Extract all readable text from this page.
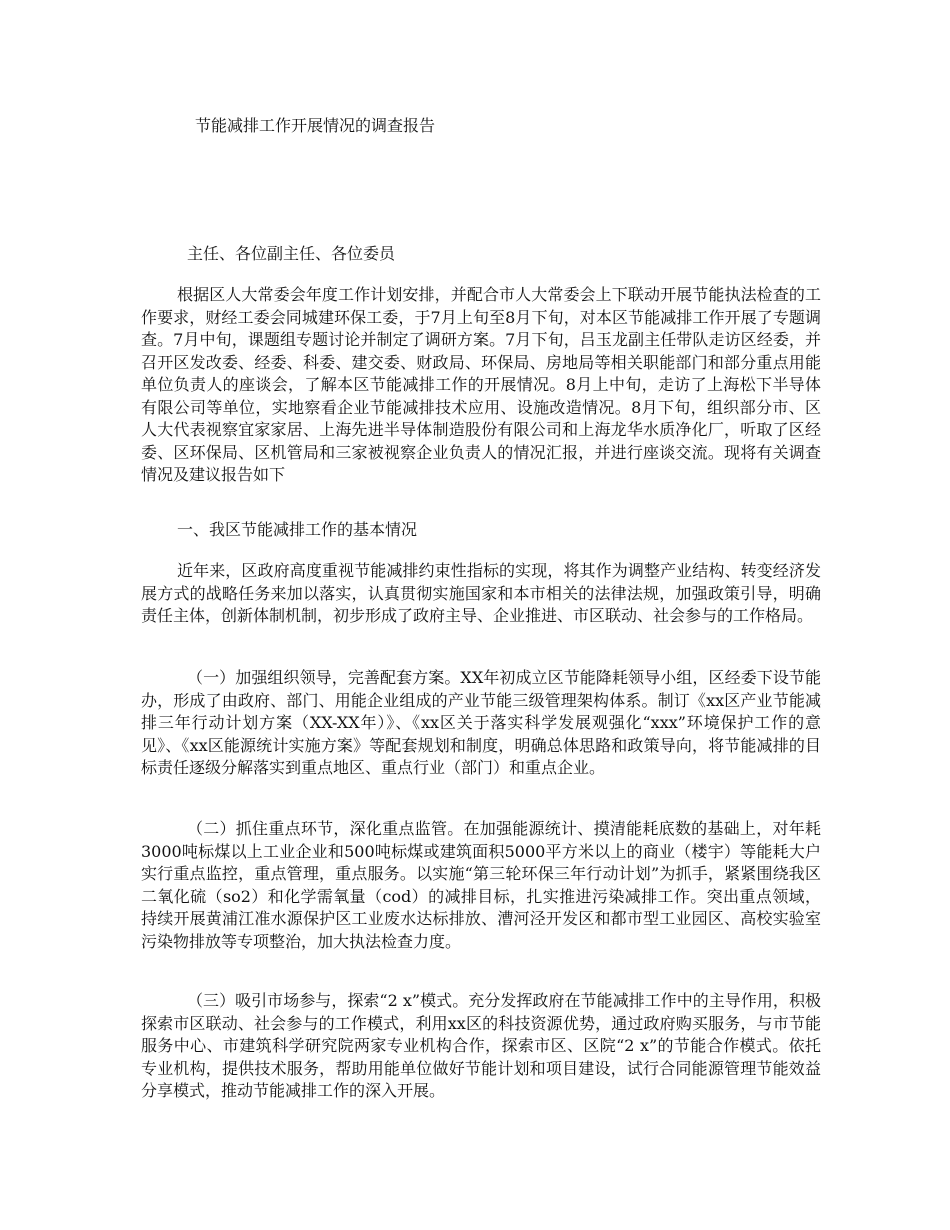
节能减排工作开展情况的调查报告
主任、各位副主任、各位委员

根据区人大常委会年度工作计划安排，并配合市人大常委会上下联动开展节能执法检查的工作要求，财经工委会同城建环保工委，于7月上旬至8月下旬，对本区节能减排工作开展了专题调查。7月中旬，课题组专题讨论并制定了调研方案。7月下旬，吕玉龙副主任带队走访区经委，并召开区发改委、经委、科委、建交委、财政局、环保局、房地局等相关职能部门和部分重点用能单位负责人的座谈会，了解本区节能减排工作的开展情况。8月上中旬，走访了上海松下半导体有限公司等单位，实地察看企业节能减排技术应用、设施改造情况。8月下旬，组织部分市、区人大代表视察宜家家居、上海先进半导体制造股份有限公司和上海龙华水质净化厂，听取了区经委、区环保局、区机管局和三家被视察企业负责人的情况汇报，并进行座谈交流。现将有关调查情况及建议报告如下

一、我区节能减排工作的基本情况

近年来，区政府高度重视节能减排约束性指标的实现，将其作为调整产业结构、转变经济发展方式的战略任务来加以落实，认真贯彻实施国家和本市相关的法律法规，加强政策引导，明确责任主体，创新体制机制，初步形成了政府主导、企业推进、市区联动、社会参与的工作格局。

（一）加强组织领导，完善配套方案。XX年初成立区节能降耗领导小组，区经委下设节能办，形成了由政府、部门、用能企业组成的产业节能三级管理架构体系。制订《xx区产业节能减排三年行动计划方案（XX-XX年）》、《xx区关于落实科学发展观强化“xxx”环境保护工作的意见》、《xx区能源统计实施方案》等配套规划和制度，明确总体思路和政策导向，将节能减排的目标责任逐级分解落实到重点地区、重点行业（部门）和重点企业。

（二）抓住重点环节，深化重点监管。在加强能源统计、摸清能耗底数的基础上，对年耗3000吨标煤以上工业企业和500吨标煤或建筑面积5000平方米以上的商业（楼宇）等能耗大户实行重点监控，重点管理，重点服务。以实施“第三轮环保三年行动计划”为抓手，紧紧围绕我区二氧化硫（so2）和化学需氧量（cod）的减排目标，扎实推进污染减排工作。突出重点领域，持续开展黄浦江准水源保护区工业废水达标排放、漕河泾开发区和都市型工业园区、高校实验室污染物排放等专项整治，加大执法检查力度。

（三）吸引市场参与，探索“2 x”模式。充分发挥政府在节能减排工作中的主导作用，积极探索市区联动、社会参与的工作模式，利用xx区的科技资源优势，通过政府购买服务，与市节能服务中心、市建筑科学研究院两家专业机构合作，探索市区、区院“2 x”的节能合作模式。依托专业机构，提供技术服务，帮助用能单位做好节能计划和项目建设，试行合同能源管理节能效益分享模式，推动节能减排工作的深入开展。
